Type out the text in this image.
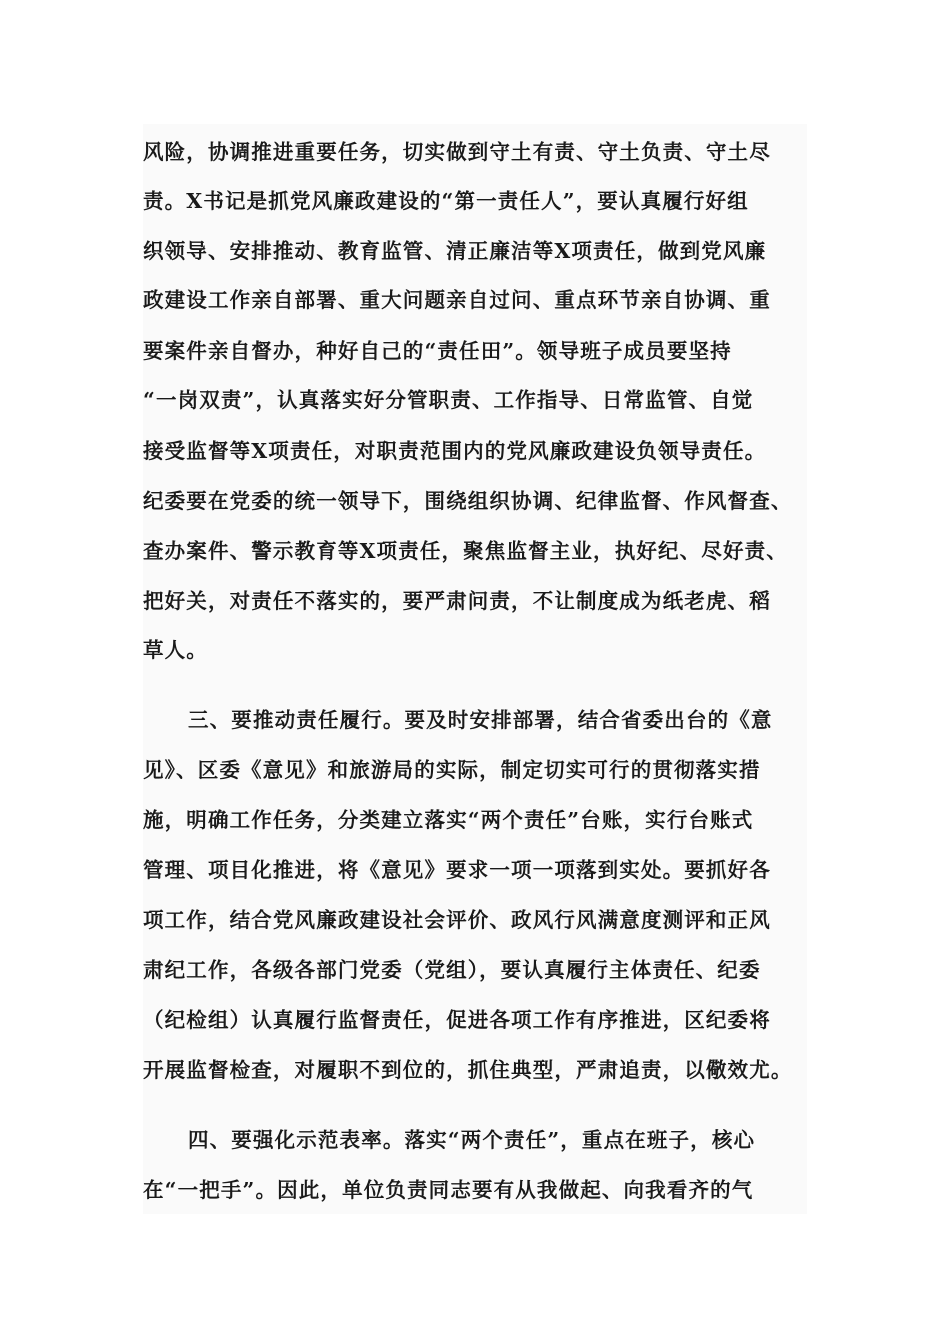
风险，协调推进重要任务，切实做到守土有责、守土负责、守土尽
责。X书记是抓党风廉政建设的“第一责任人”，要认真履行好组
织领导、安排推动、教育监管、清正廉洁等X项责任，做到党风廉
政建设工作亲自部署、重大问题亲自过问、重点环节亲自协调、重
要案件亲自督办，种好自己的“责任田”。领导班子成员要坚持
“一岗双责”，认真落实好分管职责、工作指导、日常监管、自觉
接受监督等X项责任，对职责范围内的党风廉政建设负领导责任。
纪委要在党委的统一领导下，围绕组织协调、纪律监督、作风督查、
查办案件、警示教育等X项责任，聚焦监督主业，执好纪、尽好责、
把好关，对责任不落实的，要严肃问责，不让制度成为纸老虎、稻
草人。
三、要推动责任履行。要及时安排部署，结合省委出台的《意
见》、区委《意见》和旅游局的实际，制定切实可行的贯彻落实措
施，明确工作任务，分类建立落实“两个责任”台账，实行台账式
管理、项目化推进，将《意见》要求一项一项落到实处。要抓好各
项工作，结合党风廉政建设社会评价、政风行风满意度测评和正风
肃纪工作，各级各部门党委（党组），要认真履行主体责任、纪委
（纪检组）认真履行监督责任，促进各项工作有序推进，区纪委将
开展监督检查，对履职不到位的，抓住典型，严肃追责，以儆效尤。
四、要强化示范表率。落实“两个责任”，重点在班子，核心
在“一把手”。因此，单位负责同志要有从我做起、向我看齐的气
